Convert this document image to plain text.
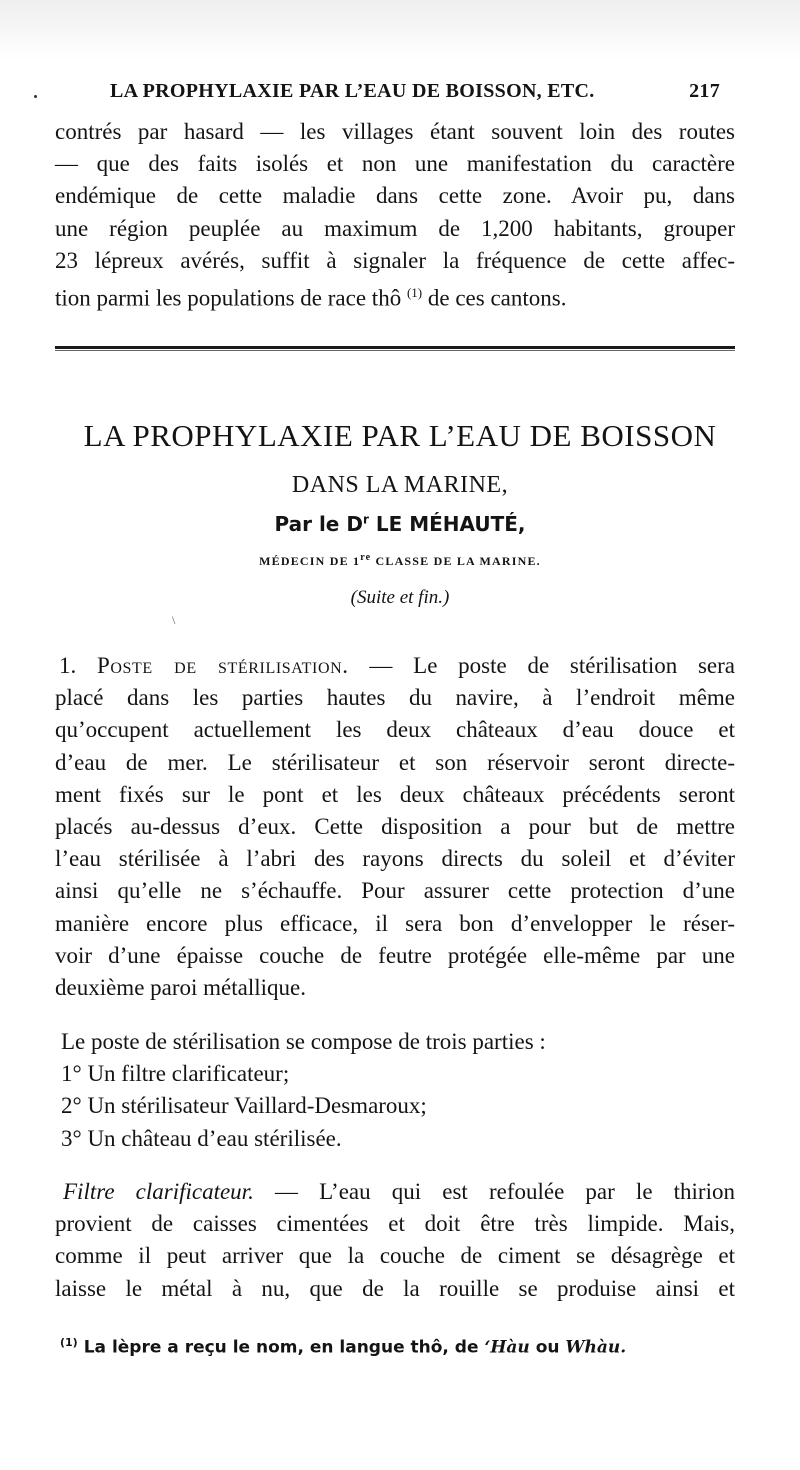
LA PROPHYLAXIE PAR L’EAU DE BOISSON, ETC.	217
contrés par hasard — les villages étant souvent loin des routes
— que des faits isolés et non une manifestation du caractère
endémique de cette maladie dans cette zone. Avoir pu, dans
une région peuplée au maximum de 1,200 habitants, grouper
23 lépreux avérés, suffit à signaler la fréquence de cette affec-
tion parmi les populations de race thô $^{(1)}$ de ces cantons.
LA PROPHYLAXIE PAR L’EAU DE BOISSON
DANS LA MARINE,
Par le $D^r$ LE MÉHAUTÉ,
MÉDECIN DE 1re CLASSE DE LA MARINE.
(Suite et fin.)
\
1. Poste de stérilisation. — Le poste de stérilisation sera
placé dans les parties hautes du navire, à l’endroit même
qu’occupent actuellement les deux châteaux d’eau douce et
d’eau de mer. Le stérilisateur et son réservoir seront directe-
ment fixés sur le pont et les deux châteaux précédents seront
placés au-dessus d’eux. Cette disposition a pour but de mettre
l’eau stérilisée à l’abri des rayons directs du soleil et d’éviter
ainsi qu’elle ne s’échauffe. Pour assurer cette protection d’une
manière encore plus efficace, il sera bon d’envelopper le réser-
voir d’une épaisse couche de feutre protégée elle-même par une
deuxième paroi métallique.
Le poste de stérilisation se compose de trois parties :
1° Un filtre clarificateur;
2° Un stérilisateur Vaillard-Desmaroux;
3° Un château d’eau stérilisée.
Filtre clarificateur. — L’eau qui est refoulée par le thirion
provient de caisses cimentées et doit être très limpide. Mais,
comme il peut arriver que la couche de ciment se désagrège et
laisse le métal à nu, que de la rouille se produise ainsi et
$^{(1)}$ La lèpre a reçu le nom, en langue thô, de ʻHàu ou Whàu.
